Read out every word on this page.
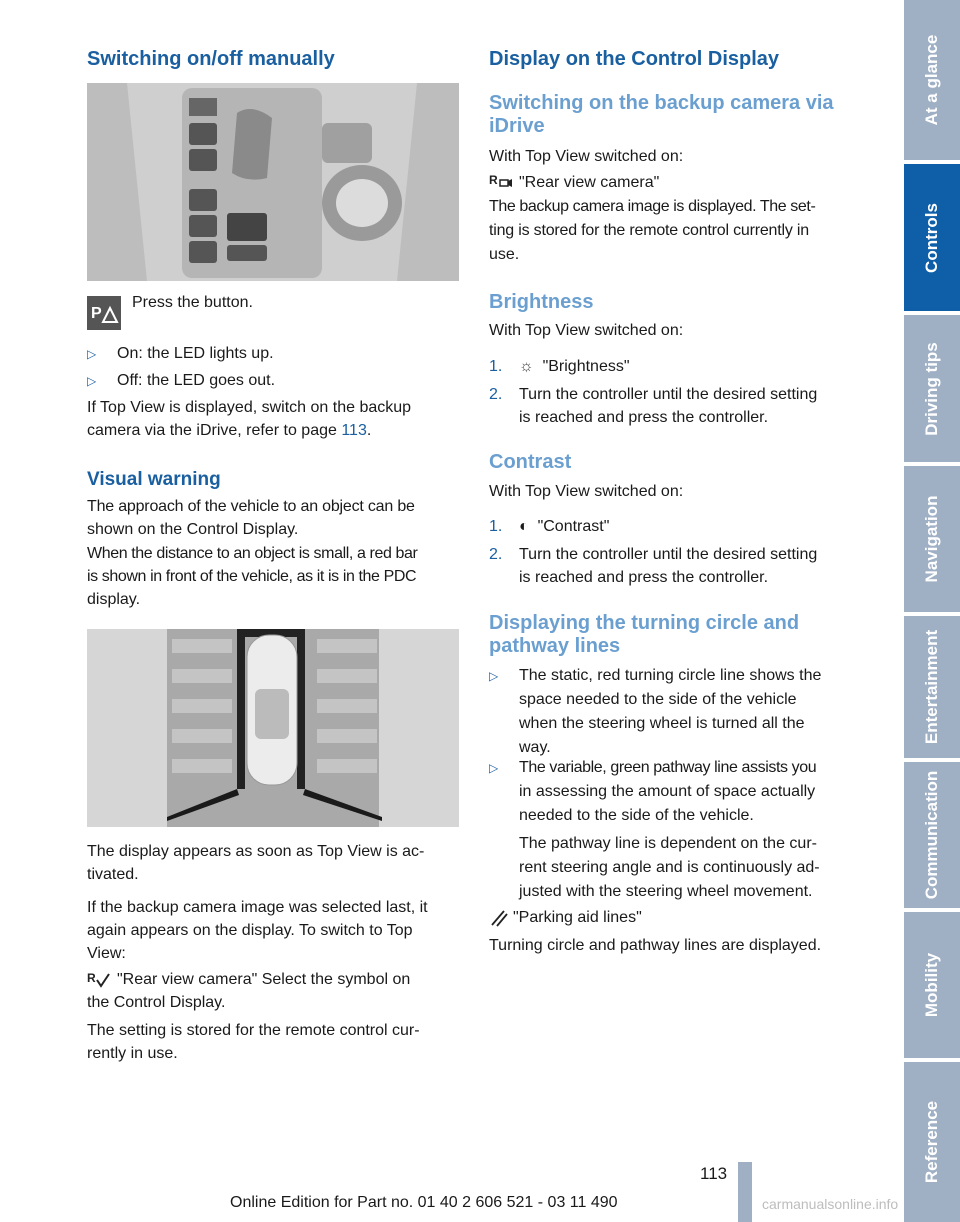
Switching on/off manually
P

Press the button.

▷ On: the LED lights up.
▷ Off: the LED goes out.

If Top View is displayed, switch on the backup

camera via the iDrive, refer to page 113.

Visual warning

The approach of the vehicle to an object can be

shown on the Control Display.

When the distance to an object is small, a red bar

is shown in front of the vehicle, as it is in the PDC

display.

The display appears as soon as Top View is ac-

tivated.

If the backup camera image was selected last, it

again appears on the display. To switch to Top

View:

R "Rear view camera" Select the symbol on

the Control Display.

The setting is stored for the remote control cur-

rently in use.

Display on the Control Display
Switching on the backup camera via
iDrive

With Top View switched on:

R "Rear view camera"

The backup camera image is displayed. The set-

ting is stored for the remote control currently in

use.

Brightness

With Top View switched on:

1. ☼ "Brightness"
2. Turn the controller until the desired setting
is reached and press the controller.
Contrast

With Top View switched on:

1. ◐ "Contrast"
2. Turn the controller until the desired setting
is reached and press the controller.
Displaying the turning circle and
pathway lines
▷ The static, red turning circle line shows the
space needed to the side of the vehicle
when the steering wheel is turned all the
way.
▷ The variable, green pathway line assists you
in assessing the amount of space actually
needed to the side of the vehicle.
The pathway line is dependent on the cur-
rent steering angle and is continuously ad-
justed with the steering wheel movement.

"Parking aid lines"

Turning circle and pathway lines are displayed.

At a glance
Controls
Driving tips
Navigation
Entertainment
Communication
Mobility
Reference
113
Online Edition for Part no. 01 40 2 606 521 - 03 11 490	carmanualsonline.info
